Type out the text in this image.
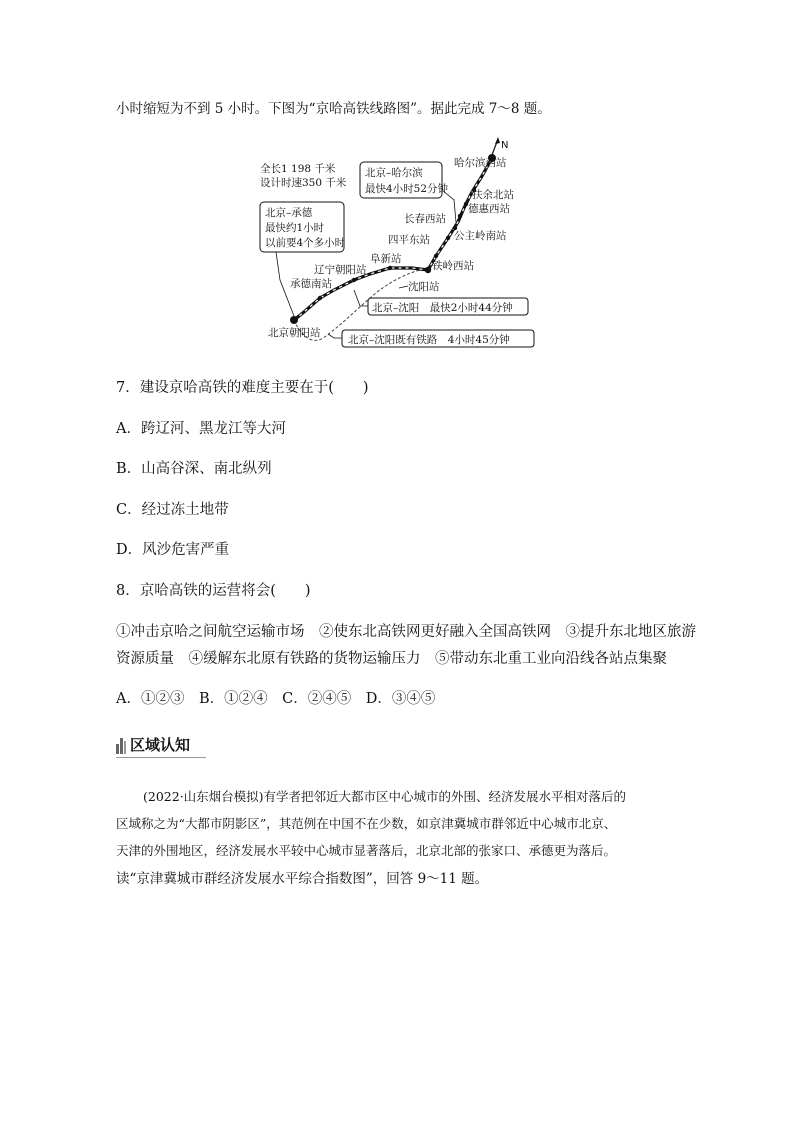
小时缩短为不到 5 小时。下图为“京哈高铁线路图”。据此完成 7～8 题。
N
哈尔滨西站
扶余北站
德惠西站
长春西站
公主岭南站
四平东站
铁岭西站
阜新站
辽宁朝阳站
沈阳站
承德南站
北京朝阳站
全长1 198 千米
设计时速350 千米
北京–哈尔滨
最快4小时52分钟
北京–承德
最快约1小时
以前要4个多小时
北京–沈阳　最快2小时44分钟
北京–沈阳既有铁路　4小时45分钟
7．建设京哈高铁的难度主要在于(　　)
A．跨辽河、黑龙江等大河
B．山高谷深、南北纵列
C．经过冻土地带
D．风沙危害严重
8．京哈高铁的运营将会(　　)
①冲击京哈之间航空运输市场　②使东北高铁网更好融入全国高铁网　③提升东北地区旅游
资源质量　④缓解东北原有铁路的货物运输压力　⑤带动东北重工业向沿线各站点集聚
A．①②③　B．①②④　C．②④⑤　D．③④⑤
区域认知
(2022·山东烟台模拟)有学者把邻近大都市区中心城市的外围、经济发展水平相对落后的
区域称之为“大都市阴影区”，其范例在中国不在少数，如京津冀城市群邻近中心城市北京、
天津的外围地区，经济发展水平较中心城市显著落后，北京北部的张家口、承德更为落后。
读“京津冀城市群经济发展水平综合指数图”，回答 9～11 题。
